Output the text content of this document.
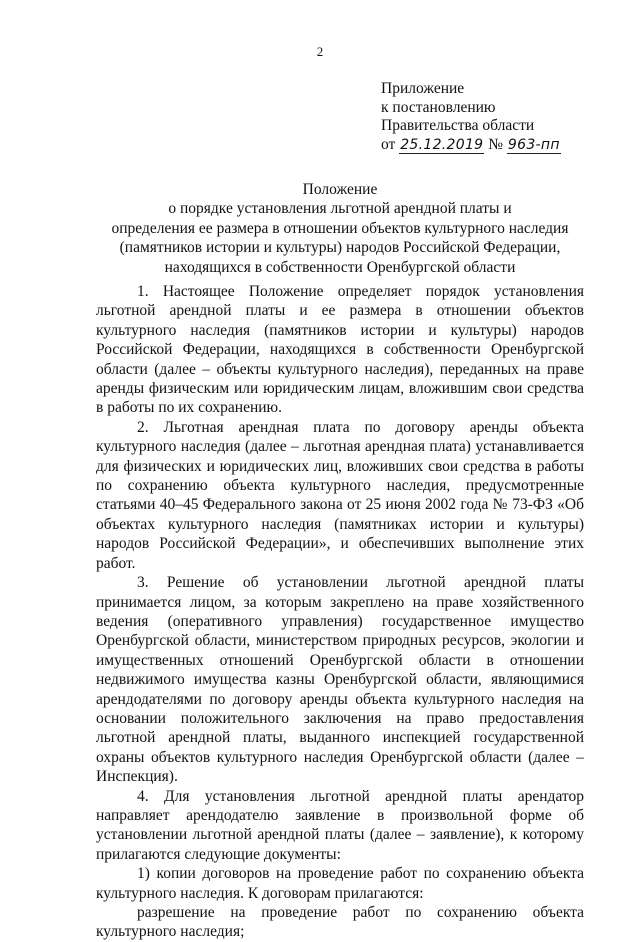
2
Приложение
к постановлению
Правительства области
от 25.12.2019 № 963-пп
Положение
о порядке установления льготной арендной платы и
определения ее размера в отношении объектов культурного наследия
(памятников истории и культуры) народов Российской Федерации,
находящихся в собственности Оренбургской области

1. Настоящее Положение определяет порядок установления льготной арендной платы и ее размера в отношении объектов культурного наследия (памятников истории и культуры) народов Российской Федерации, находящихся в собственности Оренбургской области (далее – объекты культурного наследия), переданных на праве аренды физическим или юридическим лицам, вложившим свои средства в работы по их сохранению.

2. Льготная арендная плата по договору аренды объекта культурного наследия (далее – льготная арендная плата) устанавливается для физических и юридических лиц, вложивших свои средства в работы по сохранению объекта культурного наследия, предусмотренные статьями 40–45 Федерального закона от 25 июня 2002 года № 73-ФЗ «Об объектах культурного наследия (памятниках истории и культуры) народов Российской Федерации», и обеспечивших выполнение этих работ.

3. Решение об установлении льготной арендной платы принимается лицом, за которым закреплено на праве хозяйственного ведения (оперативного управления) государственное имущество Оренбургской области, министерством природных ресурсов, экологии и имущественных отношений Оренбургской области в отношении недвижимого имущества казны Оренбургской области, являющимися арендодателями по договору аренды объекта культурного наследия на основании положительного заключения на право предоставления льготной арендной платы, выданного инспекцией государственной охраны объектов культурного наследия Оренбургской области (далее – Инспекция).

4. Для установления льготной арендной платы арендатор направляет арендодателю заявление в произвольной форме об установлении льготной арендной платы (далее – заявление), к которому прилагаются следующие документы:

1) копии договоров на проведение работ по сохранению объекта культурного наследия. К договорам прилагаются:

разрешение на проведение работ по сохранению объекта культурного наследия;
